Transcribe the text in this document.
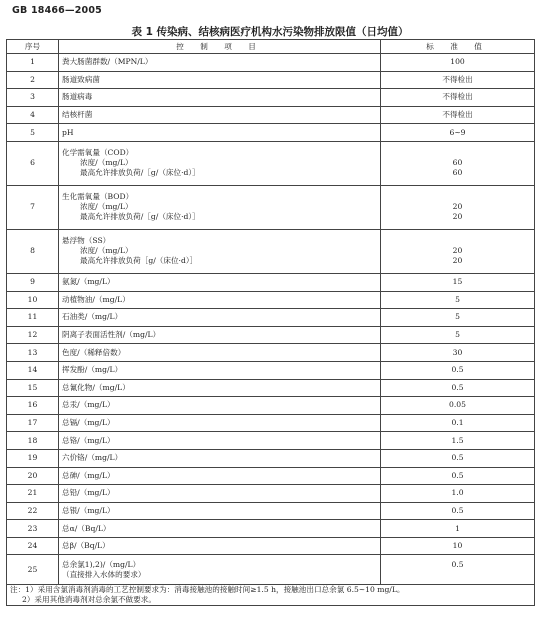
GB 18466—2005
表 1 传染病、结核病医疗机构水污染物排放限值（日均值）
序号	控 制 项 目	标 准 值
1	粪大肠菌群数/（MPN/L）	100

2	肠道致病菌	不得检出

3	肠道病毒	不得检出

4	结核杆菌	不得检出

5	pH	6~9

6	化学需氧量（COD）
浓度/（mg/L）
最高允许排放负荷/［g/（床位·d）］	60
60

7	生化需氧量（BOD）
浓度/（mg/L）
最高允许排放负荷/［g/（床位·d）］	20
20

8	悬浮物（SS）
浓度/（mg/L）
最高允许排放负荷［g/（床位·d）］	20
20

9	氨氮/（mg/L）	15

10	动植物油/（mg/L）	5

11	石油类/（mg/L）	5

12	阴离子表面活性剂/（mg/L）	5

13	色度/（稀释倍数）	30

14	挥发酚/（mg/L）	0.5

15	总氰化物/（mg/L）	0.5

16	总汞/（mg/L）	0.05

17	总镉/（mg/L）	0.1

18	总铬/（mg/L）	1.5

19	六价铬/（mg/L）	0.5

20	总砷/（mg/L）	0.5

21	总铅/（mg/L）	1.0

22	总银/（mg/L）	0.5

23	总α/（Bq/L）	1

24	总β/（Bq/L）	10

25	总余氯1),2)/（mg/L）
（直接排入水体的要求）	0.5

注：1）采用含氯消毒剂消毒的工艺控制要求为：消毒接触池的接触时间≥1.5 h，接触池出口总余氯 6.5~10 mg/L。
2）采用其他消毒剂对总余氯不做要求。		
